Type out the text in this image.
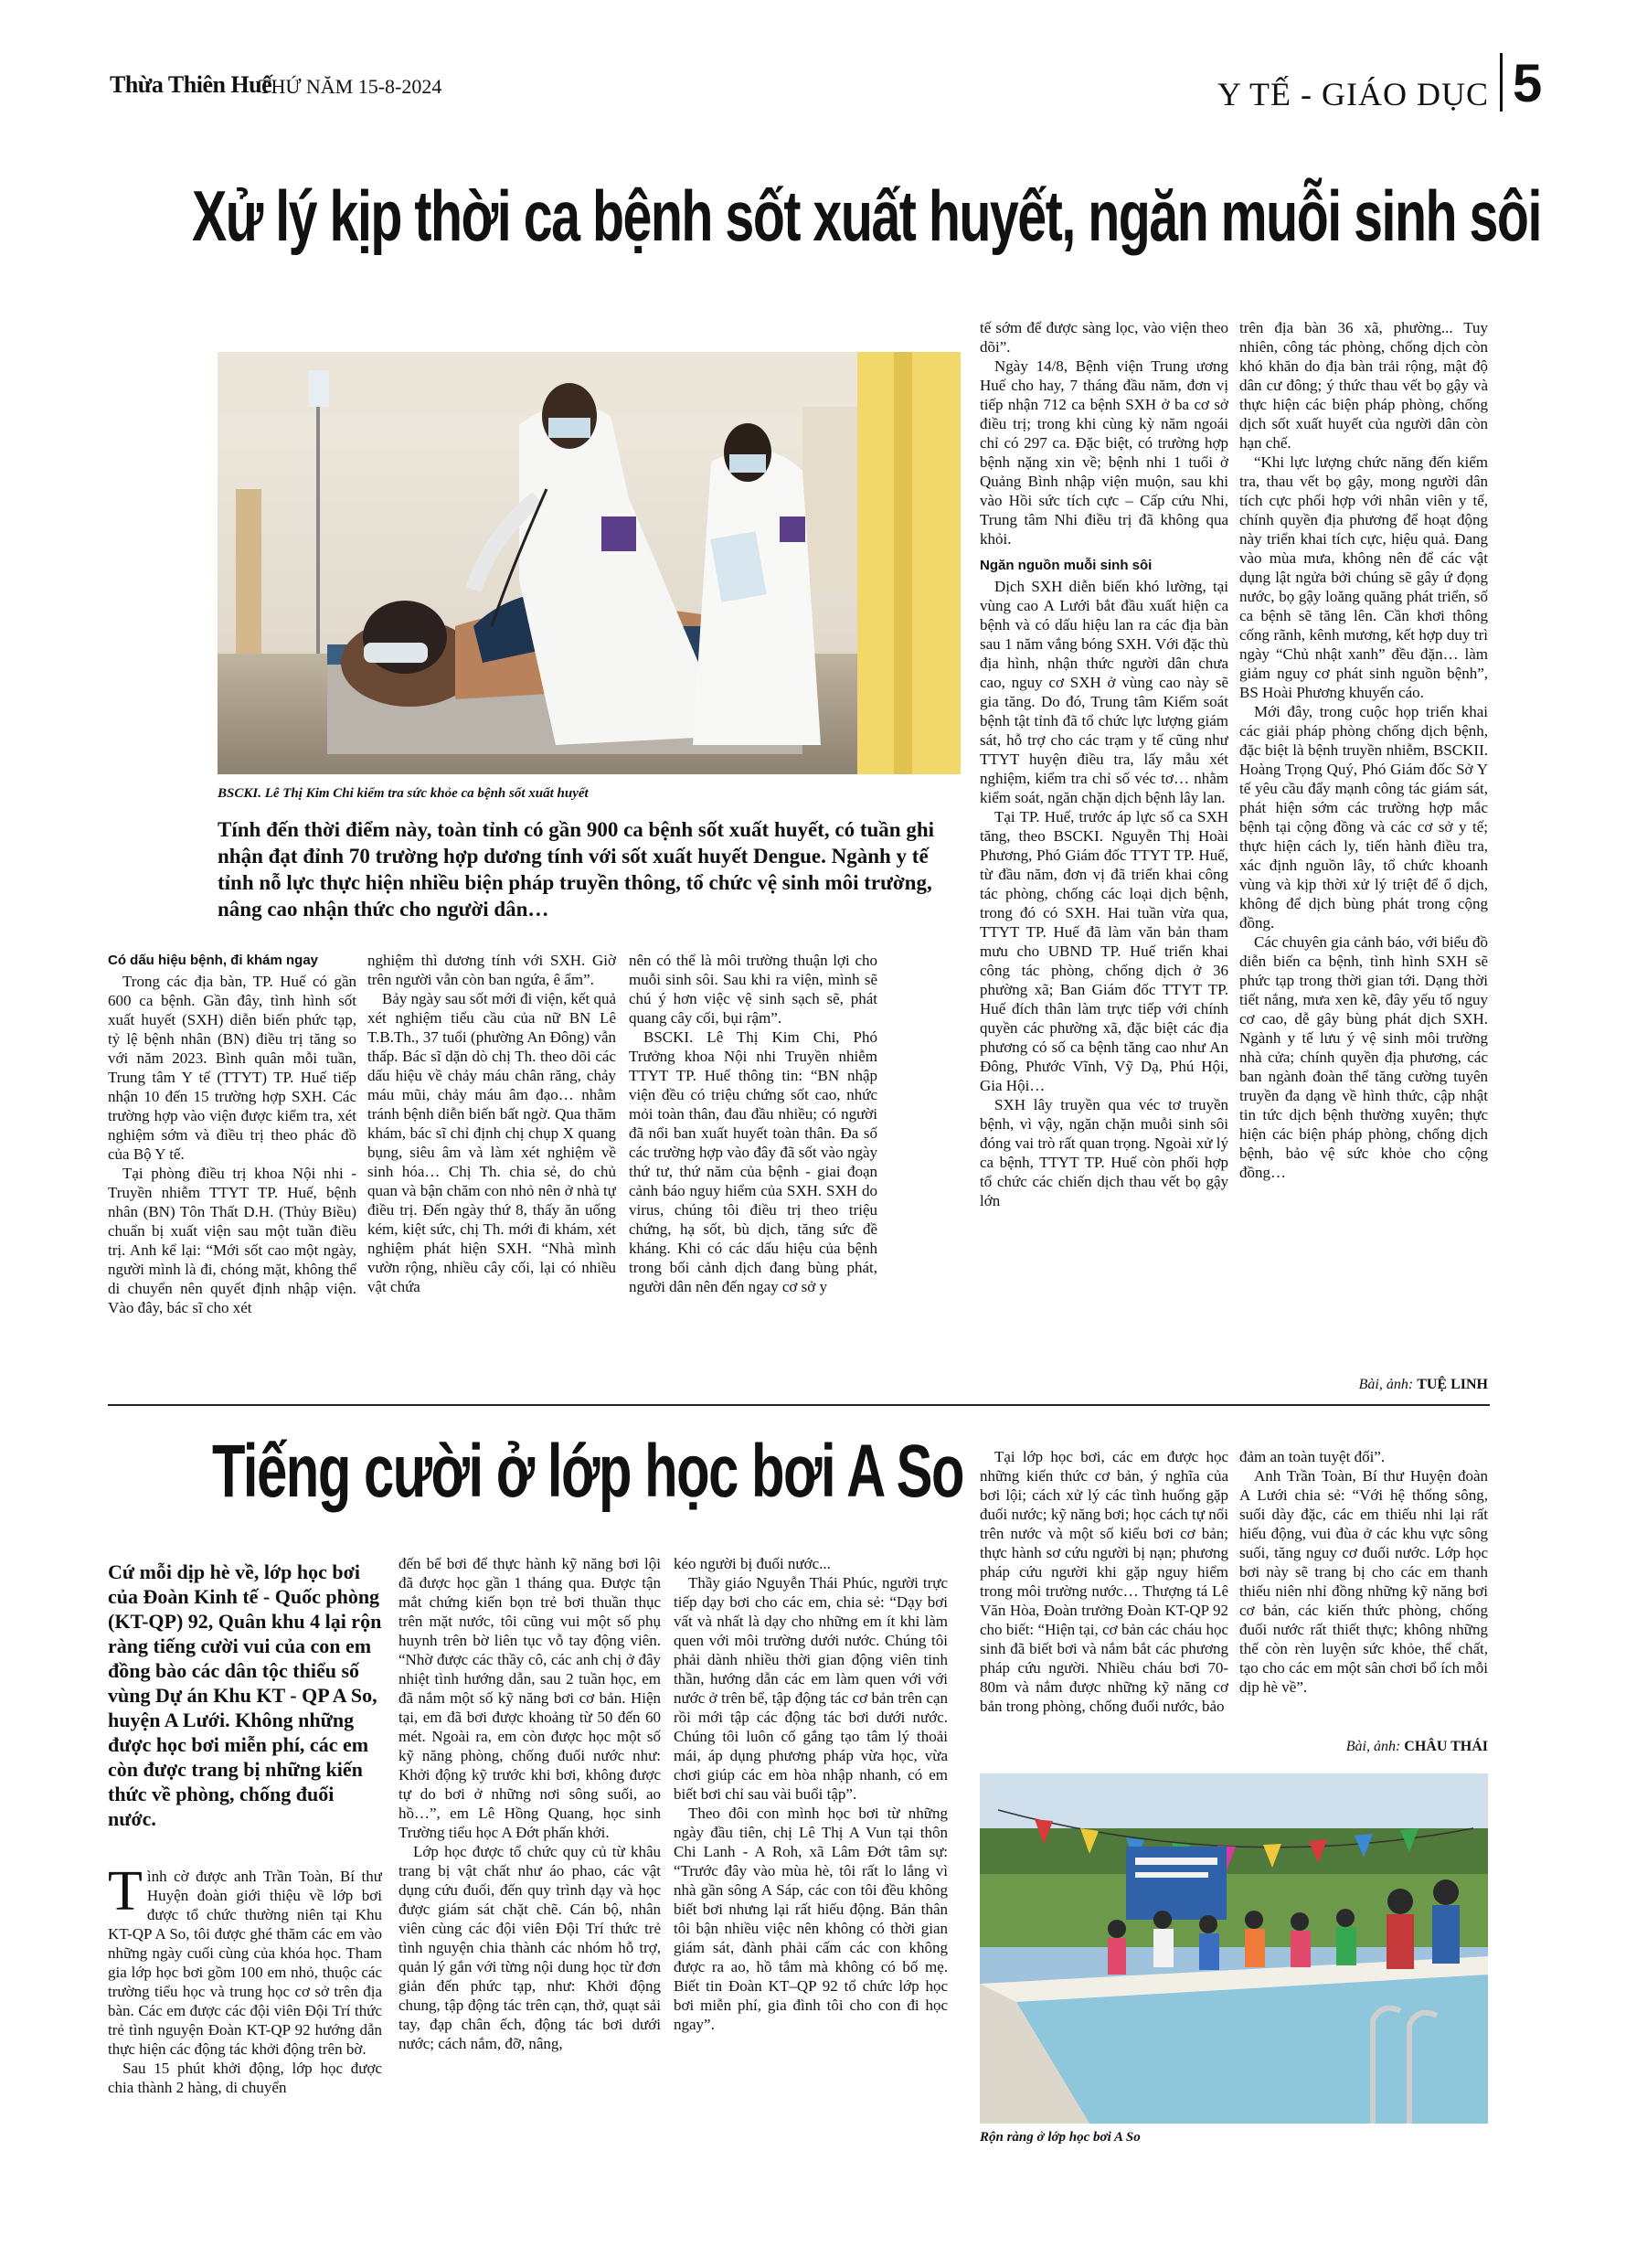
Thừa Thiên Huế
THỨ NĂM 15-8-2024	Y TẾ - GIÁO DỤC 5
Xử lý kịp thời ca bệnh sốt xuất huyết, ngăn muỗi sinh sôi
BSCKI. Lê Thị Kim Chi kiểm tra sức khỏe ca bệnh sốt xuất huyết
Tính đến thời điểm này, toàn tỉnh có gần 900 ca bệnh sốt xuất huyết, có tuần ghi nhận đạt đỉnh 70 trường hợp dương tính với sốt xuất huyết Dengue. Ngành y tế tỉnh nỗ lực thực hiện nhiều biện pháp truyền thông, tổ chức vệ sinh môi trường, nâng cao nhận thức cho người dân…
Có dấu hiệu bệnh, đi khám ngay

Trong các địa bàn, TP. Huế có gần 600 ca bệnh. Gần đây, tình hình sốt xuất huyết (SXH) diễn biến phức tạp, tỷ lệ bệnh nhân (BN) điều trị tăng so với năm 2023. Bình quân mỗi tuần, Trung tâm Y tế (TTYT) TP. Huế tiếp nhận 10 đến 15 trường hợp SXH. Các trường hợp vào viện được kiểm tra, xét nghiệm sớm và điều trị theo phác đồ của Bộ Y tế.

Tại phòng điều trị khoa Nội nhi - Truyền nhiễm TTYT TP. Huế, bệnh nhân (BN) Tôn Thất D.H. (Thủy Biều) chuẩn bị xuất viện sau một tuần điều trị. Anh kể lại: “Mới sốt cao một ngày, người mình là đi, chóng mặt, không thể di chuyển nên quyết định nhập viện. Vào đây, bác sĩ cho xét

nghiệm thì dương tính với SXH. Giờ trên người vẫn còn ban ngứa, ê ẩm”.

Bảy ngày sau sốt mới đi viện, kết quả xét nghiệm tiểu cầu của nữ BN Lê T.B.Th., 37 tuổi (phường An Đông) vẫn thấp. Bác sĩ dặn dò chị Th. theo dõi các dấu hiệu về chảy máu chân răng, chảy máu mũi, chảy máu âm đạo… nhằm tránh bệnh diễn biến bất ngờ. Qua thăm khám, bác sĩ chỉ định chị chụp X quang bụng, siêu âm và làm xét nghiệm về sinh hóa… Chị Th. chia sẻ, do chủ quan và bận chăm con nhỏ nên ở nhà tự điều trị. Đến ngày thứ 8, thấy ăn uống kém, kiệt sức, chị Th. mới đi khám, xét nghiệm phát hiện SXH. “Nhà mình vườn rộng, nhiều cây cối, lại có nhiều vật chứa

nên có thể là môi trường thuận lợi cho muỗi sinh sôi. Sau khi ra viện, mình sẽ chú ý hơn việc vệ sinh sạch sẽ, phát quang cây cối, bụi rậm”.

BSCKI. Lê Thị Kim Chi, Phó Trưởng khoa Nội nhi Truyền nhiễm TTYT TP. Huế thông tin: “BN nhập viện đều có triệu chứng sốt cao, nhức mỏi toàn thân, đau đầu nhiều; có người đã nổi ban xuất huyết toàn thân. Đa số các trường hợp vào đây đã sốt vào ngày thứ tư, thứ năm của bệnh - giai đoạn cảnh báo nguy hiểm của SXH. SXH do virus, chúng tôi điều trị theo triệu chứng, hạ sốt, bù dịch, tăng sức đề kháng. Khi có các dấu hiệu của bệnh trong bối cảnh dịch đang bùng phát, người dân nên đến ngay cơ sở y

tế sớm để được sàng lọc, vào viện theo dõi”.

Ngày 14/8, Bệnh viện Trung ương Huế cho hay, 7 tháng đầu năm, đơn vị tiếp nhận 712 ca bệnh SXH ở ba cơ sở điều trị; trong khi cùng kỳ năm ngoái chỉ có 297 ca. Đặc biệt, có trường hợp bệnh nặng xin về; bệnh nhi 1 tuổi ở Quảng Bình nhập viện muộn, sau khi vào Hồi sức tích cực – Cấp cứu Nhi, Trung tâm Nhi điều trị đã không qua khỏi.

Ngăn nguồn muỗi sinh sôi

Dịch SXH diễn biến khó lường, tại vùng cao A Lưới bắt đầu xuất hiện ca bệnh và có dấu hiệu lan ra các địa bàn sau 1 năm vắng bóng SXH. Với đặc thù địa hình, nhận thức người dân chưa cao, nguy cơ SXH ở vùng cao này sẽ gia tăng. Do đó, Trung tâm Kiểm soát bệnh tật tỉnh đã tổ chức lực lượng giám sát, hỗ trợ cho các trạm y tế cũng như TTYT huyện điều tra, lấy mẫu xét nghiệm, kiểm tra chỉ số véc tơ… nhằm kiểm soát, ngăn chặn dịch bệnh lây lan.

Tại TP. Huế, trước áp lực số ca SXH tăng, theo BSCKI. Nguyễn Thị Hoài Phương, Phó Giám đốc TTYT TP. Huế, từ đầu năm, đơn vị đã triển khai công tác phòng, chống các loại dịch bệnh, trong đó có SXH. Hai tuần vừa qua, TTYT TP. Huế đã làm văn bản tham mưu cho UBND TP. Huế triển khai công tác phòng, chống dịch ở 36 phường xã; Ban Giám đốc TTYT TP. Huế đích thân làm trực tiếp với chính quyền các phường xã, đặc biệt các địa phương có số ca bệnh tăng cao như An Đông, Phước Vĩnh, Vỹ Dạ, Phú Hội, Gia Hội…

SXH lây truyền qua véc tơ truyền bệnh, vì vậy, ngăn chặn muỗi sinh sôi đóng vai trò rất quan trọng. Ngoài xử lý ca bệnh, TTYT TP. Huế còn phối hợp tổ chức các chiến dịch thau vết bọ gậy lớn

trên địa bàn 36 xã, phường... Tuy nhiên, công tác phòng, chống dịch còn khó khăn do địa bàn trải rộng, mật độ dân cư đông; ý thức thau vết bọ gậy và thực hiện các biện pháp phòng, chống dịch sốt xuất huyết của người dân còn hạn chế.

“Khi lực lượng chức năng đến kiểm tra, thau vết bọ gậy, mong người dân tích cực phối hợp với nhân viên y tế, chính quyền địa phương để hoạt động này triển khai tích cực, hiệu quả. Đang vào mùa mưa, không nên để các vật dụng lật ngửa bởi chúng sẽ gây ứ đọng nước, bọ gậy loăng quăng phát triển, số ca bệnh sẽ tăng lên. Cần khơi thông cống rãnh, kênh mương, kết hợp duy trì ngày “Chủ nhật xanh” đều đặn… làm giảm nguy cơ phát sinh nguồn bệnh”, BS Hoài Phương khuyến cáo.

Mới đây, trong cuộc họp triển khai các giải pháp phòng chống dịch bệnh, đặc biệt là bệnh truyền nhiễm, BSCKII. Hoàng Trọng Quý, Phó Giám đốc Sở Y tế yêu cầu đẩy mạnh công tác giám sát, phát hiện sớm các trường hợp mắc bệnh tại cộng đồng và các cơ sở y tế; thực hiện cách ly, tiến hành điều tra, xác định nguồn lây, tổ chức khoanh vùng và kịp thời xử lý triệt để ổ dịch, không để dịch bùng phát trong cộng đồng.

Các chuyên gia cảnh báo, với biểu đồ diễn biến ca bệnh, tình hình SXH sẽ phức tạp trong thời gian tới. Dạng thời tiết nắng, mưa xen kẽ, đây yếu tố nguy cơ cao, dễ gây bùng phát dịch SXH. Ngành y tế lưu ý vệ sinh môi trường nhà cửa; chính quyền địa phương, các ban ngành đoàn thể tăng cường tuyên truyền đa dạng về hình thức, cập nhật tin tức dịch bệnh thường xuyên; thực hiện các biện pháp phòng, chống dịch bệnh, bảo vệ sức khỏe cho cộng đồng…

Bài, ảnh: TUỆ LINH
Tiếng cười ở lớp học bơi A So
Cứ mỗi dịp hè về, lớp học bơi của Đoàn Kinh tế - Quốc phòng (KT-QP) 92, Quân khu 4 lại rộn ràng tiếng cười vui của con em đồng bào các dân tộc thiểu số vùng Dự án Khu KT - QP A So, huyện A Lưới. Không những được học bơi miễn phí, các em còn được trang bị những kiến thức về phòng, chống đuối nước.
T ình cờ được anh Trần Toàn, Bí thư Huyện đoàn giới thiệu về lớp bơi được tổ chức thường niên tại Khu KT-QP A So, tôi được ghé thăm các em vào những ngày cuối cùng của khóa học. Tham gia lớp học bơi gồm 100 em nhỏ, thuộc các trường tiểu học và trung học cơ sở trên địa bàn. Các em được các đội viên Đội Trí thức trẻ tình nguyện Đoàn KT-QP 92 hướng dẫn thực hiện các động tác khởi động trên bờ.

Sau 15 phút khởi động, lớp học được chia thành 2 hàng, di chuyển

đến bể bơi để thực hành kỹ năng bơi lội đã được học gần 1 tháng qua. Được tận mắt chứng kiến bọn trẻ bơi thuần thục trên mặt nước, tôi cũng vui một số phụ huynh trên bờ liên tục vỗ tay động viên. “Nhờ được các thầy cô, các anh chị ở đây nhiệt tình hướng dẫn, sau 2 tuần học, em đã nắm một số kỹ năng bơi cơ bản. Hiện tại, em đã bơi được khoảng từ 50 đến 60 mét. Ngoài ra, em còn được học một số kỹ năng phòng, chống đuối nước như: Khởi động kỹ trước khi bơi, không được tự do bơi ở những nơi sông suối, ao hồ…”, em Lê Hồng Quang, học sinh Trường tiểu học A Đớt phấn khởi.

Lớp học được tổ chức quy củ từ khâu trang bị vật chất như áo phao, các vật dụng cứu đuối, đến quy trình dạy và học được giám sát chặt chẽ. Cán bộ, nhân viên cùng các đội viên Đội Trí thức trẻ tình nguyện chia thành các nhóm hỗ trợ, quản lý gắn với từng nội dung học từ đơn giản đến phức tạp, như: Khởi động chung, tập động tác trên cạn, thở, quạt sải tay, đạp chân ếch, động tác bơi dưới nước; cách nắm, đỡ, nâng,

kéo người bị đuối nước...

Thầy giáo Nguyễn Thái Phúc, người trực tiếp dạy bơi cho các em, chia sẻ: “Dạy bơi vất và nhất là dạy cho những em ít khi làm quen với môi trường dưới nước. Chúng tôi phải dành nhiều thời gian động viên tinh thần, hướng dẫn các em làm quen với với nước ở trên bể, tập động tác cơ bản trên cạn rồi mới tập các động tác bơi dưới nước. Chúng tôi luôn cố gắng tạo tâm lý thoải mái, áp dụng phương pháp vừa học, vừa chơi giúp các em hòa nhập nhanh, có em biết bơi chỉ sau vài buổi tập”.

Theo đôi con mình học bơi từ những ngày đầu tiên, chị Lê Thị A Vun tại thôn Chi Lanh - A Roh, xã Lâm Đớt tâm sự: “Trước đây vào mùa hè, tôi rất lo lắng vì nhà gần sông A Sáp, các con tôi đều không biết bơi nhưng lại rất hiếu động. Bản thân tôi bận nhiều việc nên không có thời gian giám sát, đành phải cấm các con không được ra ao, hồ tắm mà không có bố mẹ. Biết tin Đoàn KT–QP 92 tổ chức lớp học bơi miễn phí, gia đình tôi cho con đi học ngay”.

Tại lớp học bơi, các em được học những kiến thức cơ bản, ý nghĩa của bơi lội; cách xử lý các tình huống gặp đuối nước; kỹ năng bơi; học cách tự nổi trên nước và một số kiểu bơi cơ bản; thực hành sơ cứu người bị nạn; phương pháp cứu người khi gặp nguy hiểm trong môi trường nước… Thượng tá Lê Văn Hòa, Đoàn trưởng Đoàn KT-QP 92 cho biết: “Hiện tại, cơ bản các cháu học sinh đã biết bơi và nắm bắt các phương pháp cứu người. Nhiều cháu bơi 70-80m và nắm được những kỹ năng cơ bản trong phòng, chống đuối nước, bảo

đảm an toàn tuyệt đối”.

Anh Trần Toàn, Bí thư Huyện đoàn A Lưới chia sẻ: “Với hệ thống sông, suối dày đặc, các em thiếu nhi lại rất hiếu động, vui đùa ở các khu vực sông suối, tăng nguy cơ đuối nước. Lớp học bơi này sẽ trang bị cho các em thanh thiếu niên nhỉ đồng những kỹ năng bơi cơ bản, các kiến thức phòng, chống đuối nước rất thiết thực; không những thế còn rèn luyện sức khỏe, thể chất, tạo cho các em một sân chơi bổ ích mỗi dịp hè về”.

Bài, ảnh: CHÂU THÁI
Rộn ràng ở lớp học bơi A So
